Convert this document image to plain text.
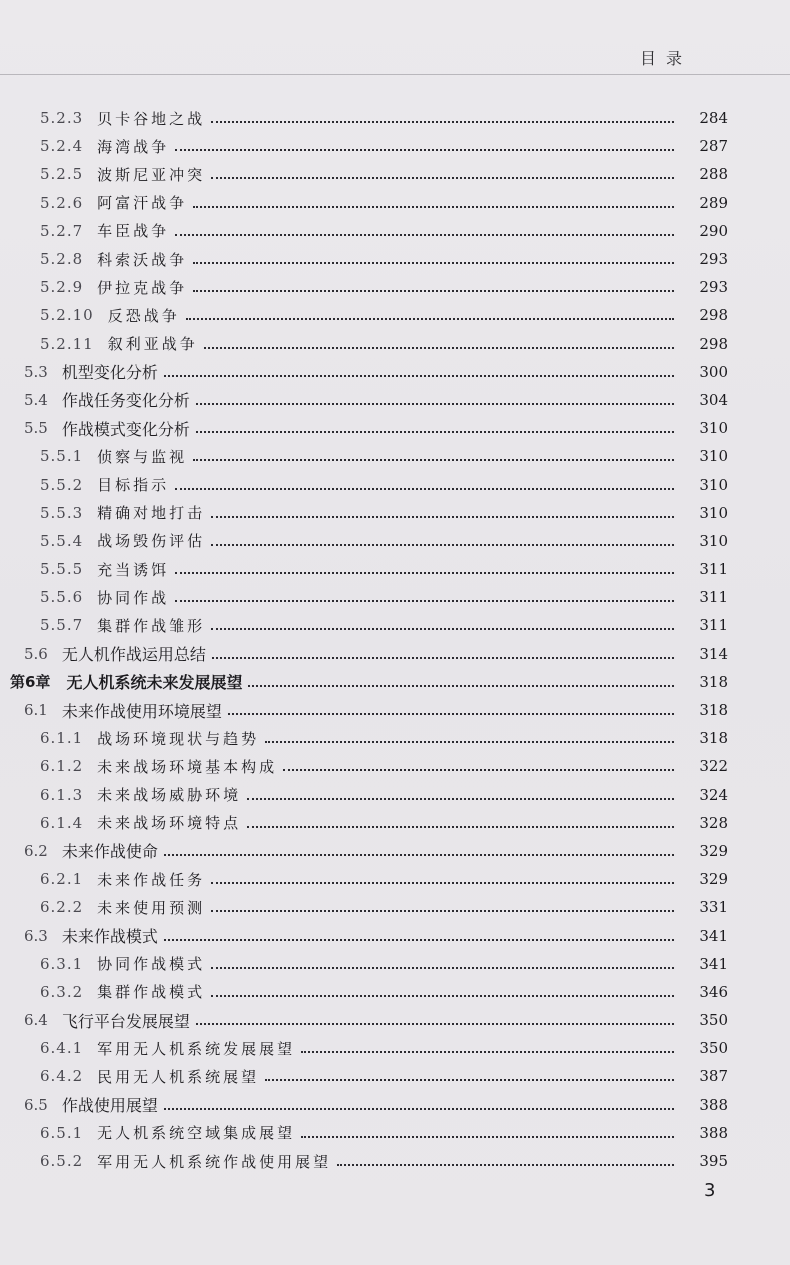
目录
5.2.3 贝卡谷地之战	284
5.2.4 海湾战争	287
5.2.5 波斯尼亚冲突	288
5.2.6 阿富汗战争	289
5.2.7 车臣战争	290
5.2.8 科索沃战争	293
5.2.9 伊拉克战争	293
5.2.10 反恐战争	298
5.2.11 叙利亚战争	298
5.3 机型变化分析	300
5.4 作战任务变化分析	304
5.5 作战模式变化分析	310
5.5.1 侦察与监视	310
5.5.2 目标指示	310
5.5.3 精确对地打击	310
5.5.4 战场毁伤评估	310
5.5.5 充当诱饵	311
5.5.6 协同作战	311
5.5.7 集群作战雏形	311
5.6 无人机作战运用总结	314
第6章 无人机系统未来发展展望	318
6.1 未来作战使用环境展望	318
6.1.1 战场环境现状与趋势	318
6.1.2 未来战场环境基本构成	322
6.1.3 未来战场威胁环境	324
6.1.4 未来战场环境特点	328
6.2 未来作战使命	329
6.2.1 未来作战任务	329
6.2.2 未来使用预测	331
6.3 未来作战模式	341
6.3.1 协同作战模式	341
6.3.2 集群作战模式	346
6.4 飞行平台发展展望	350
6.4.1 军用无人机系统发展展望	350
6.4.2 民用无人机系统展望	387
6.5 作战使用展望	388
6.5.1 无人机系统空域集成展望	388
6.5.2 军用无人机系统作战使用展望	395
3
